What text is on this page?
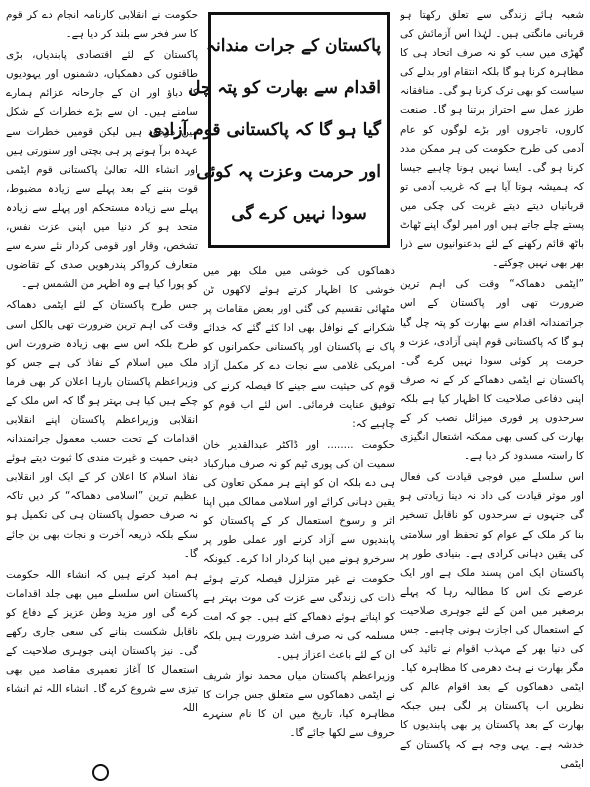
شعبہ ہائے زندگی سے تعلق رکھتا ہو قربانی مانگتی ہیں۔ لہٰذا اس آزمائش کی گھڑی میں سب کو نہ صرف اتحاد ہی کا مظاہرہ کرنا ہو گا بلکہ انتقام اور بدلے کی سیاست کو بھی ترک کرنا ہو گی۔ منافقانہ طرز عمل سے احتراز برتنا ہو گا۔ صنعت کاروں، تاجروں اور بڑے لوگوں کو عام آدمی کی طرح حکومت کی ہر ممکن مدد کرنا ہو گی۔ ایسا نہیں ہونا چاہیے جیسا کہ ہمیشہ ہوتا آیا ہے کہ غریب آدمی تو قربانیاں دیتے دیتے غربت کی چکی میں پستے چلے جاتے ہیں اور امیر لوگ اپنے ٹھاٹ باٹھ قائم رکھنے کے لئے بدعنوانیوں سے ذرا بھر بھی نہیں چوکتے۔

”ایٹمی دھماکہ“ وقت کی اہم ترین ضرورت تھی اور پاکستان کے اس جراتمندانہ اقدام سے بھارت کو پتہ چل گیا ہو گا کہ پاکستانی قوم اپنی آزادی، عزت و حرمت پر کوئی سودا نہیں کرے گی۔ پاکستان نے ایٹمی دھماکے کر کے نہ صرف اپنی دفاعی صلاحیت کا اظہار کیا ہے بلکہ سرحدوں پر فوری میزائل نصب کر کے بھارت کی کسی بھی ممکنہ اشتعال انگیزی کا راستہ مسدود کر دیا ہے۔

اس سلسلے میں فوجی قیادت کی فعال اور موثر قیادت کی داد نہ دینا زیادتی ہو گی جنہوں نے سرحدوں کو ناقابل تسخیر بنا کر ملک کے عوام کو تحفظ اور سلامتی کی یقین دہانی کرادی ہے۔ بنیادی طور پر پاکستان ایک امن پسند ملک ہے اور ایک عرصے تک اس کا مطالبہ رہا کہ پہلے برصغیر میں امن کے لئے جوہری صلاحیت کے استعمال کی اجازت ہونی چاہیے۔ جس کی دنیا بھر کے مہذب اقوام نے تائید کی مگر بھارت نے ہٹ دھرمی کا مظاہرہ کیا۔ ایٹمی دھماکوں کے بعد اقوام عالم کی نظریں اب پاکستان پر لگی ہیں جبکہ بھارت کے بعد پاکستان پر بھی پابندیوں کا خدشہ ہے۔ یہی وجہ ہے کہ پاکستان کے ایٹمی

پاکستان کے جرات مندانہ
اقدام سے بھارت کو پتہ چل
گیا ہو گا کہ پاکستانی قوم آزادی
اور حرمت وعزت پہ کوئی
سودا نہیں کرے گی

دھماکوں کی خوشی میں ملک بھر میں خوشی کا اظہار کرتے ہوئے لاکھوں ٹن مٹھائی تقسیم کی گئی اور بعض مقامات پر شکرانے کے نوافل بھی ادا کئے گئے کہ خدائے پاک نے پاکستان اور پاکستانی حکمرانوں کو امریکی غلامی سے نجات دے کر مکمل آزاد قوم کی حیثیت سے جینے کا فیصلہ کرنے کی توفیق عنایت فرمائی۔ اس لئے اب قوم کو چاہیے کہ:

حکومت ........ اور ڈاکٹر عبدالقدیر خان سمیت ان کی پوری ٹیم کو نہ صرف مبارکباد ہی دے بلکہ ان کو اپنے ہر ممکن تعاون کی یقین دہانی کرائے اور اسلامی ممالک میں اپنا اثر و رسوخ استعمال کر کے پاکستان کو پابندیوں سے آزاد کرنے اور عملی طور پر سرخرو ہونے میں اپنا کردار ادا کرے۔ کیونکہ حکومت نے غیر متزلزل فیصلہ کرتے ہوئے ذات کی زندگی سے عزت کی موت بہتر ہے کو اپناتے ہوئے دھماکے کئے ہیں۔ جو کہ امت مسلمہ کی نہ صرف اشد ضرورت ہیں بلکہ ان کے لئے باعث اعزاز ہیں۔

وزیراعظم پاکستان میاں محمد نواز شریف نے ایٹمی دھماکوں سے متعلق جس جرات کا مظاہرہ کیا، تاریخ میں ان کا نام سنہرے حروف سے لکھا جائے گا۔

حکومت نے انقلابی کارنامہ انجام دے کر قوم کا سر فخر سے بلند کر دیا ہے۔

پاکستان کے لئے اقتصادی پابندیاں، بڑی طاقتوں کی دھمکیاں، دشمنوں اور یہودیوں کا دباؤ اور ان کے جارحانہ عزائم ہمارے سامنے ہیں۔ ان سے بڑے خطرات کے شکل میں موجود ہیں لیکن قومیں خطرات سے عہدہ برآ ہونے پر ہی بچتی اور سنورتی ہیں اور انشاء اللہ تعالیٰ پاکستانی قوم ایٹمی قوت بننے کے بعد پہلے سے زیادہ مضبوط، پہلے سے زیادہ مستحکم اور پہلے سے زیادہ متحد ہو کر دنیا میں اپنی عزت نفس، تشخص، وقار اور قومی کردار نئے سرے سے متعارف کرواکر پندرھویں صدی کے تقاضوں کو پورا کیا ہے وہ اظہر من الشمس ہے۔

جس طرح پاکستان کے لئے ایٹمی دھماکہ وقت کی اہم ترین ضرورت تھی بالکل اسی طرح بلکہ اس سے بھی زیادہ ضرورت اس ملک میں اسلام کے نفاذ کی ہے جس کو وزیراعظم پاکستان بارہا اعلان کر بھی فرما چکے ہیں کیا ہی بہتر ہو گا کہ اس ملک کے انقلابی وزیراعظم پاکستان اپنے انقلابی اقدامات کے تحت حسب معمول جراتمندانہ دینی حمیت و غیرت مندی کا ثبوت دیتے ہوئے نفاذ اسلام کا اعلان کر کے ایک اور انقلابی عظیم ترین ”اسلامی دھماکہ“ کر دیں تاکہ نہ صرف حصول پاکستان ہی کی تکمیل ہو سکے بلکہ ذریعہ آخرت و نجات بھی بن جائے گا۔

ہم امید کرتے ہیں کہ انشاء اللہ حکومت پاکستان اس سلسلے میں بھی جلد اقدامات کرے گی اور مزید وطن عزیز کے دفاع کو ناقابل شکست بنانے کی سعی جاری رکھے گی۔ نیز پاکستان اپنی جوہری صلاحیت کے استعمال کا آغاز تعمیری مقاصد میں بھی تیزی سے شروع کرے گا۔ انشاء اللہ ثم انشاء اللہ
